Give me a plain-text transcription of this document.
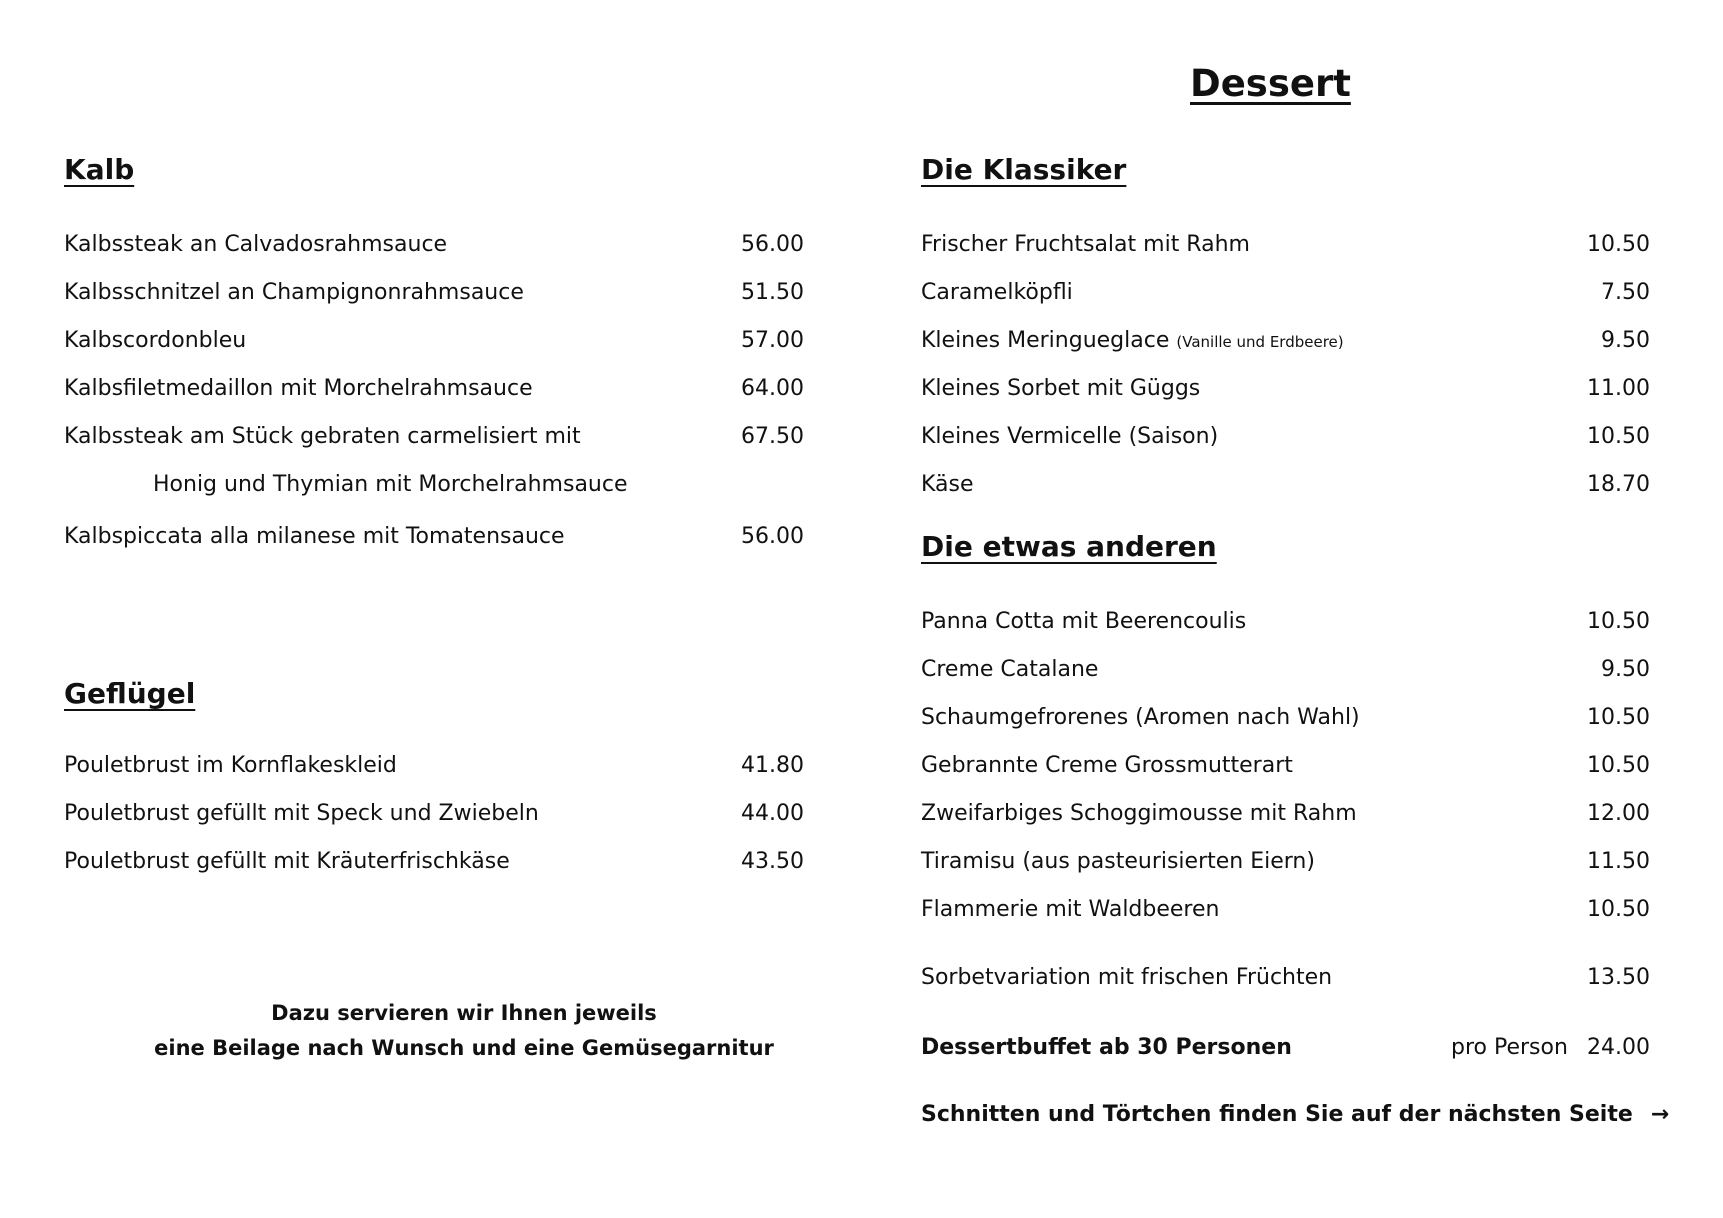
Dessert
Kalb
Kalbssteak an Calvadosrahmsauce	56.00
Kalbsschnitzel an Champignonrahmsauce	51.50
Kalbscordonbleu	57.00
Kalbsfiletmedaillon mit Morchelrahmsauce	64.00
Kalbssteak am Stück gebraten carmelisiert mit	67.50
Honig und Thymian mit Morchelrahmsauce
Kalbspiccata alla milanese mit Tomatensauce	56.00
Geflügel
Pouletbrust im Kornflakeskleid	41.80
Pouletbrust gefüllt mit Speck und Zwiebeln	44.00
Pouletbrust gefüllt mit Kräuterfrischkäse	43.50
Dazu servieren wir Ihnen jeweils
eine Beilage nach Wunsch und eine Gemüsegarnitur
Die Klassiker
Frischer Fruchtsalat mit Rahm	10.50
Caramelköpfli	7.50
Kleines Meringueglace (Vanille und Erdbeere)	9.50
Kleines Sorbet mit Güggs	11.00
Kleines Vermicelle (Saison)	10.50
Käse	18.70
Die etwas anderen
Panna Cotta mit Beerencoulis	10.50
Creme Catalane	9.50
Schaumgefrorenes (Aromen nach Wahl)	10.50
Gebrannte Creme Grossmutterart	10.50
Zweifarbiges Schoggimousse mit Rahm	12.00
Tiramisu (aus pasteurisierten Eiern)	11.50
Flammerie mit Waldbeeren	10.50
Sorbetvariation mit frischen Früchten	13.50
Dessertbuffet ab 30 Personen	pro Person 24.00
Schnitten und Törtchen finden Sie auf der nächsten Seite →
